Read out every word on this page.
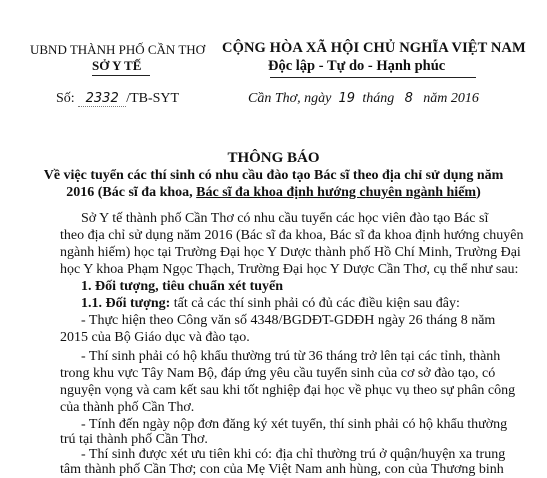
UBND THÀNH PHỐ CẦN THƠ
SỞ Y TẾ
CỘNG HÒA XÃ HỘI CHỦ NGHĨA VIỆT NAM
Độc lập - Tự do - Hạnh phúc
Số: 2332 /TB-SYT	Cần Thơ, ngày 19 tháng 8 năm 2016
THÔNG BÁO
Về việc tuyển các thí sinh có nhu cầu đào tạo Bác sĩ theo địa chỉ sử dụng năm
2016 (Bác sĩ đa khoa, Bác sĩ đa khoa định hướng chuyên ngành hiếm)
Sở Y tế thành phố Cần Thơ có nhu cầu tuyển các học viên đào tạo Bác sĩ
theo địa chỉ sử dụng năm 2016 (Bác sĩ đa khoa, Bác sĩ đa khoa định hướng chuyên
ngành hiếm) học tại Trường Đại học Y Dược thành phố Hồ Chí Minh, Trường Đại
học Y khoa Phạm Ngọc Thạch, Trường Đại học Y Dược Cần Thơ, cụ thể như sau:
1. Đối tượng, tiêu chuẩn xét tuyển
1.1. Đối tượng: tất cả các thí sinh phải có đủ các điều kiện sau đây:
- Thực hiện theo Công văn số 4348/BGDĐT-GDĐH ngày 26 tháng 8 năm
2015 của Bộ Giáo dục và đào tạo.
- Thí sinh phải có hộ khẩu thường trú từ 36 tháng trở lên tại các tỉnh, thành
trong khu vực Tây Nam Bộ, đáp ứng yêu cầu tuyển sinh của cơ sở đào tạo, có
nguyện vọng và cam kết sau khi tốt nghiệp đại học về phục vụ theo sự phân công
của thành phố Cần Thơ.
- Tính đến ngày nộp đơn đăng ký xét tuyển, thí sinh phải có hộ khẩu thường
trú tại thành phố Cần Thơ.
- Thí sinh được xét ưu tiên khi có: địa chỉ thường trú ở quận/huyện xa trung
tâm thành phố Cần Thơ; con của Mẹ Việt Nam anh hùng, con của Thương binh
